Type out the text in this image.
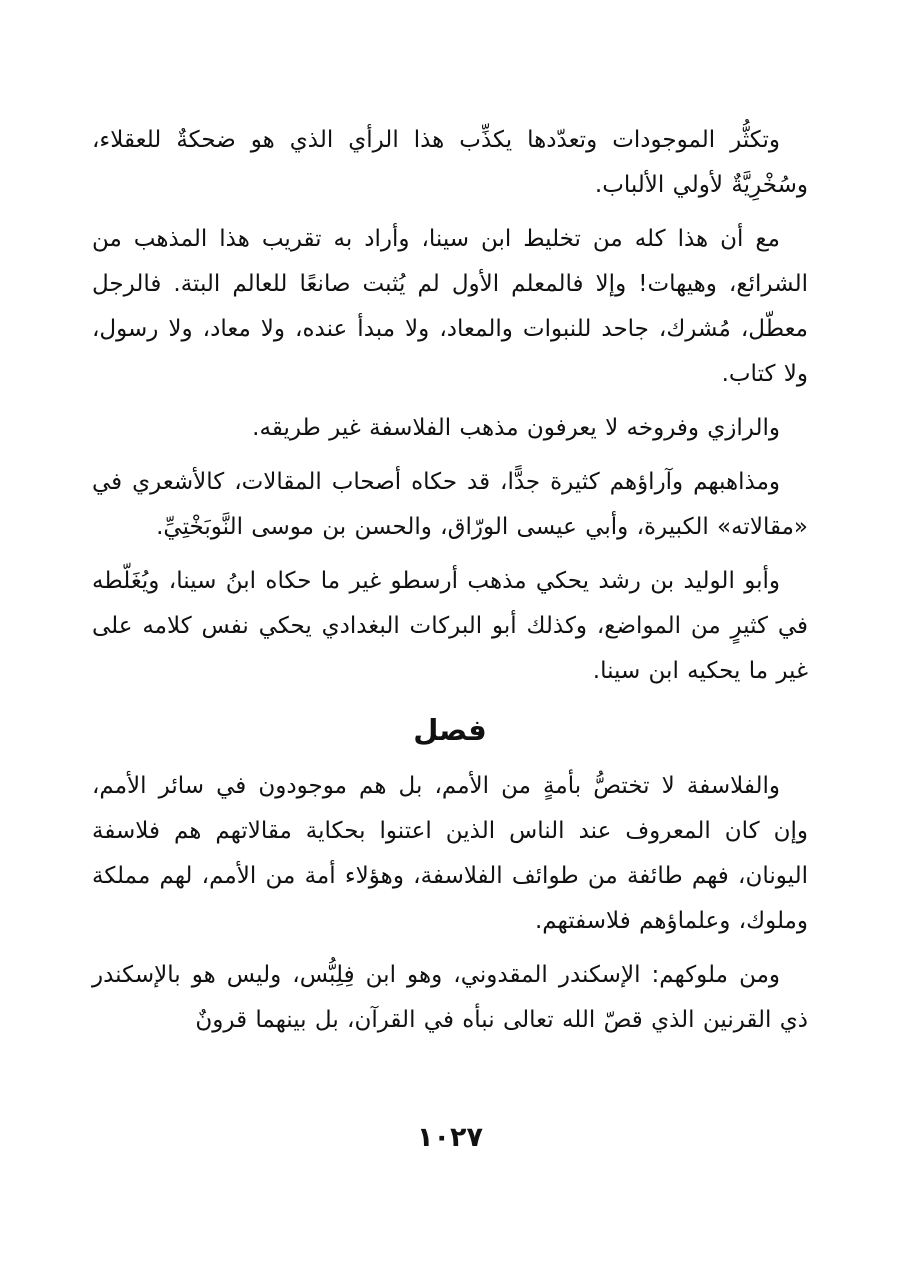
وتكثُّر الموجودات وتعدّدها يكذِّب هذا الرأي الذي هو ضحكةٌ للعقلاء، وسُخْرِيَّةٌ لأولي الألباب.

مع أن هذا كله من تخليط ابن سينا، وأراد به تقريب هذا المذهب من الشرائع، وهيهات! وإلا فالمعلم الأول لم يُثبت صانعًا للعالم البتة. فالرجل معطّل، مُشرك، جاحد للنبوات والمعاد، ولا مبدأ عنده، ولا معاد، ولا رسول، ولا كتاب.

والرازي وفروخه لا يعرفون مذهب الفلاسفة غير طريقه.

ومذاهبهم وآراؤهم كثيرة جدًّا، قد حكاه أصحاب المقالات، كالأشعري في «مقالاته» الكبيرة، وأبي عيسى الورّاق، والحسن بن موسى النَّوبَخْتِيِّ.

وأبو الوليد بن رشد يحكي مذهب أرسطو غير ما حكاه ابنُ سينا، ويُغَلّطه في كثيرٍ من المواضع، وكذلك أبو البركات البغدادي يحكي نفس كلامه على غير ما يحكيه ابن سينا.

فصل

والفلاسفة لا تختصُّ بأمةٍ من الأمم، بل هم موجودون في سائر الأمم، وإن كان المعروف عند الناس الذين اعتنوا بحكاية مقالاتهم هم فلاسفة اليونان، فهم طائفة من طوائف الفلاسفة، وهؤلاء أمة من الأمم، لهم مملكة وملوك، وعلماؤهم فلاسفتهم.

ومن ملوكهم: الإسكندر المقدوني، وهو ابن فِلِبُّس، وليس هو بالإسكندر ذي القرنين الذي قصّ الله تعالى نبأه في القرآن، بل بينهما قرونٌ

١٠٢٧
